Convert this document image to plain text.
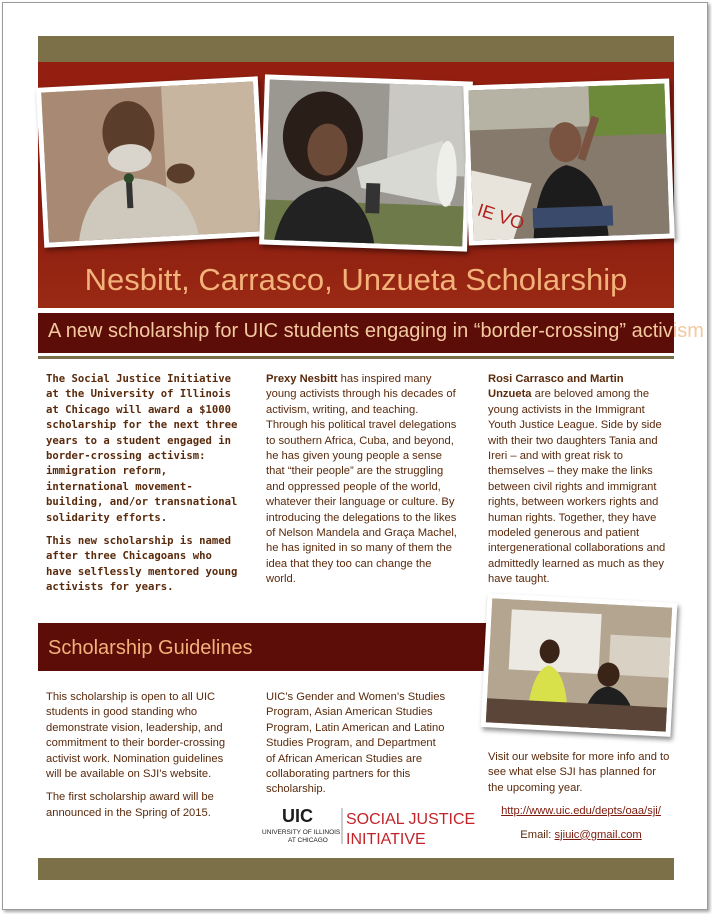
IE VO
Nesbitt, Carrasco, Unzueta Scholarship
A new scholarship for UIC students engaging in “border-crossing” activism

The Social Justice Initiative at the University of Illinois at Chicago will award a $1000 scholarship for the next three years to a student engaged in border-crossing activism: immigration reform, international movement-building, and/or transnational solidarity efforts.

This new scholarship is named after three Chicagoans who have selflessly mentored young activists for years.

Prexy Nesbitt has inspired many young activists through his decades of activism, writing, and teaching. Through his political travel delegations to southern Africa, Cuba, and beyond, he has given young people a sense that “their people” are the struggling and oppressed people of the world, whatever their language or culture. By introducing the delegations to the likes of Nelson Mandela and Graça Machel, he has ignited in so many of them the idea that they too can change the world.

Rosi Carrasco and Martin Unzueta are beloved among the young activists in the Immigrant Youth Justice League. Side by side with their two daughters Tania and Ireri – and with great risk to themselves – they make the links between civil rights and immigrant rights, between workers rights and human rights. Together, they have modeled generous and patient intergenerational collaborations and admittedly learned as much as they have taught.

Scholarship Guidelines

This scholarship is open to all UIC students in good standing who demonstrate vision, leadership, and commitment to their border-crossing activist work. Nomination guidelines will be available on SJI’s website.

The first scholarship award will be announced in the Spring of 2015.

UIC’s Gender and Women’s Studies Program, Asian American Studies Program, Latin American and Latino Studies Program, and Department of African American Studies are collaborating partners for this scholarship.

UIC
UNIVERSITY OF ILLINOIS
AT CHICAGO
SOCIAL JUSTICE
INITIATIVE

Visit our website for more info and to see what else SJI has planned for the upcoming year.

http://www.uic.edu/depts/oaa/sji/

Email: sjiuic@gmail.com
